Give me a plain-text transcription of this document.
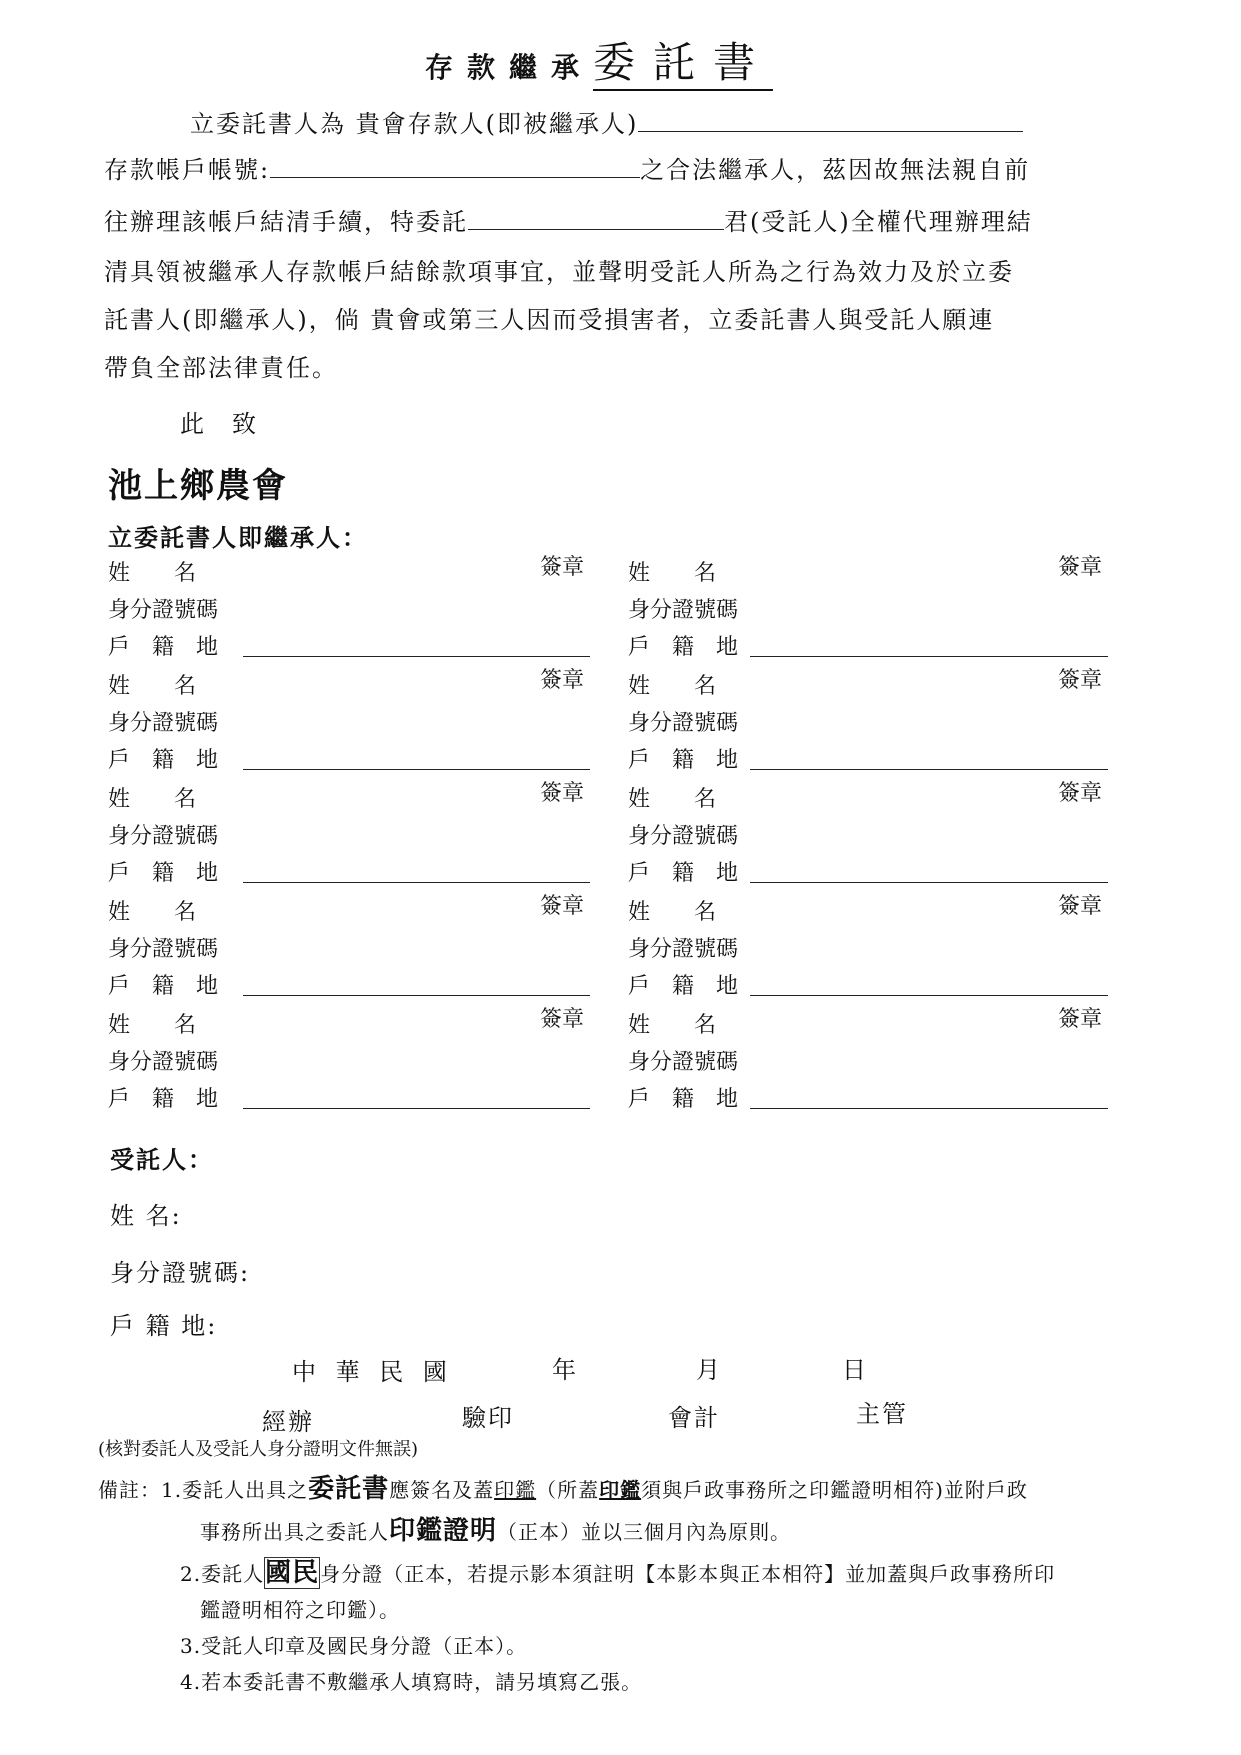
存款繼承委託書
立委託書人為 貴會存款人(即被繼承人)
存款帳戶帳號:	之合法繼承人，茲因故無法親自前
往辦理該帳戶結清手續，特委託	君(受託人)全權代理辦理結
清具領被繼承人存款帳戶結餘款項事宜，並聲明受託人所為之行為效力及於立委
託書人(即繼承人)，倘 貴會或第三人因而受損害者，立委託書人與受託人願連
帶負全部法律責任。
此　致
池上鄉農會
立委託書人即繼承人：
姓　　名	簽章
身分證號碼
戶　籍　地
姓　　名	簽章
身分證號碼
戶　籍　地
姓　　名	簽章
身分證號碼
戶　籍　地
姓　　名	簽章
身分證號碼
戶　籍　地
姓　　名	簽章
身分證號碼
戶　籍　地
姓　　名	簽章
身分證號碼
戶　籍　地
姓　　名	簽章
身分證號碼
戶　籍　地
姓　　名	簽章
身分證號碼
戶　籍　地
姓　　名	簽章
身分證號碼
戶　籍　地
姓　　名	簽章
身分證號碼
戶　籍　地
受託人：
姓 名:
身分證號碼:
戶 籍 地:
中 華 民 國	年	月	日
經辦	驗印	會計	主管
(核對委託人及受託人身分證明文件無誤)
備註：1.委託人出具之委託書應簽名及蓋印鑑（所蓋印鑑須與戶政事務所之印鑑證明相符)並附戶政
事務所出具之委託人印鑑證明（正本）並以三個月內為原則。
2.委託人國民身分證（正本，若提示影本須註明【本影本與正本相符】並加蓋與戶政事務所印
鑑證明相符之印鑑）。
3.受託人印章及國民身分證（正本）。
4.若本委託書不敷繼承人填寫時，請另填寫乙張。
